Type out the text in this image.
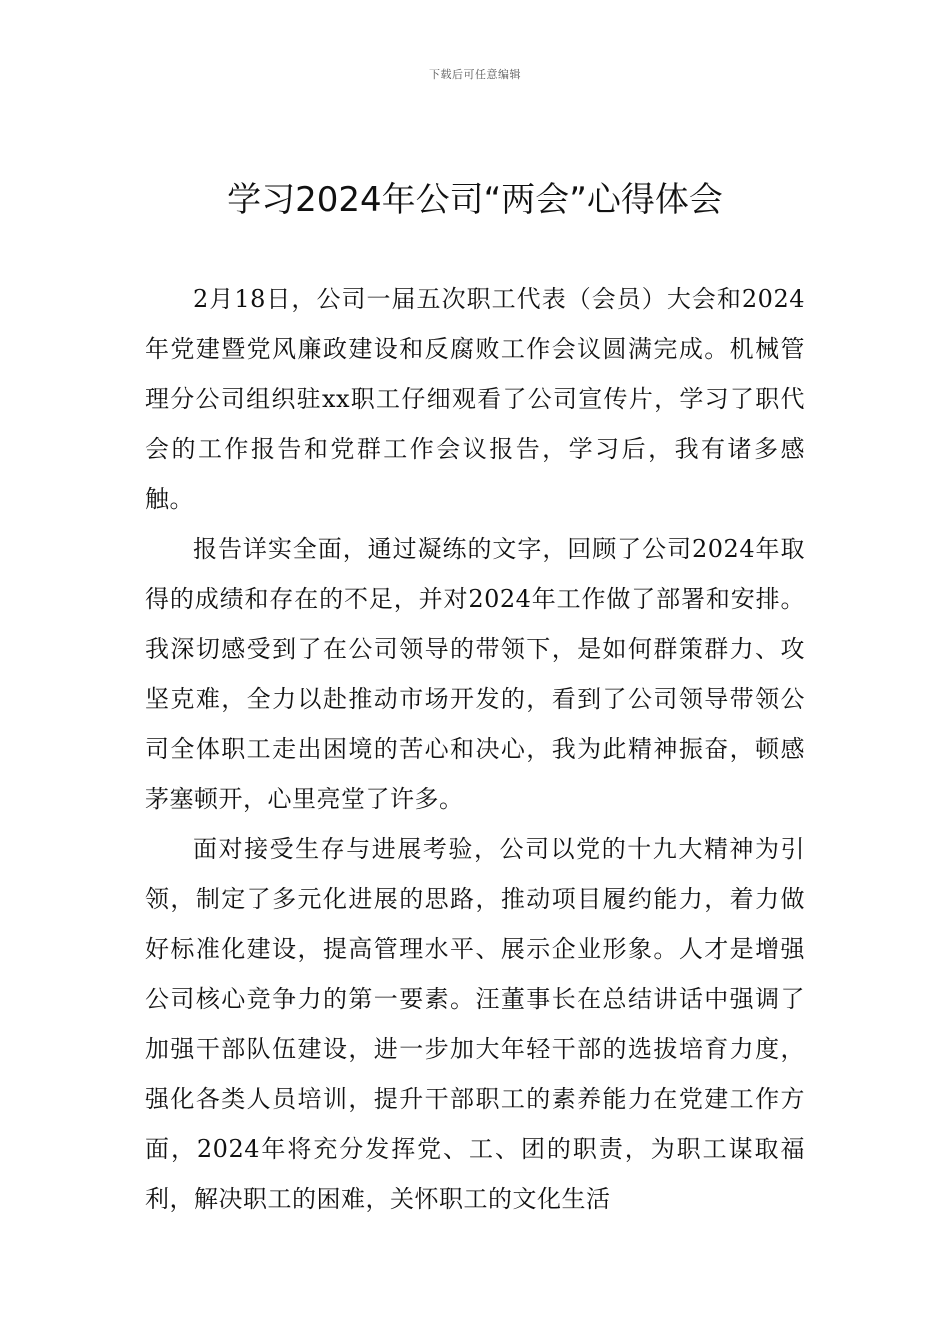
下载后可任意编辑
学习2024年公司“两会”心得体会

2月18日，公司一届五次职工代表（会员）大会和2024年党建暨党风廉政建设和反腐败工作会议圆满完成。机械管理分公司组织驻xx职工仔细观看了公司宣传片，学习了职代会的工作报告和党群工作会议报告，学习后，我有诸多感触。

报告详实全面，通过凝练的文字，回顾了公司2024年取得的成绩和存在的不足，并对2024年工作做了部署和安排。我深切感受到了在公司领导的带领下，是如何群策群力、攻坚克难，全力以赴推动市场开发的，看到了公司领导带领公司全体职工走出困境的苦心和决心，我为此精神振奋，顿感茅塞顿开，心里亮堂了许多。

面对接受生存与进展考验，公司以党的十九大精神为引领，制定了多元化进展的思路，推动项目履约能力，着力做好标准化建设，提高管理水平、展示企业形象。人才是增强公司核心竞争力的第一要素。汪董事长在总结讲话中强调了加强干部队伍建设，进一步加大年轻干部的选拔培育力度，强化各类人员培训，提升干部职工的素养能力在党建工作方面，2024年将充分发挥党、工、团的职责，为职工谋取福利，解决职工的困难，关怀职工的文化生活
